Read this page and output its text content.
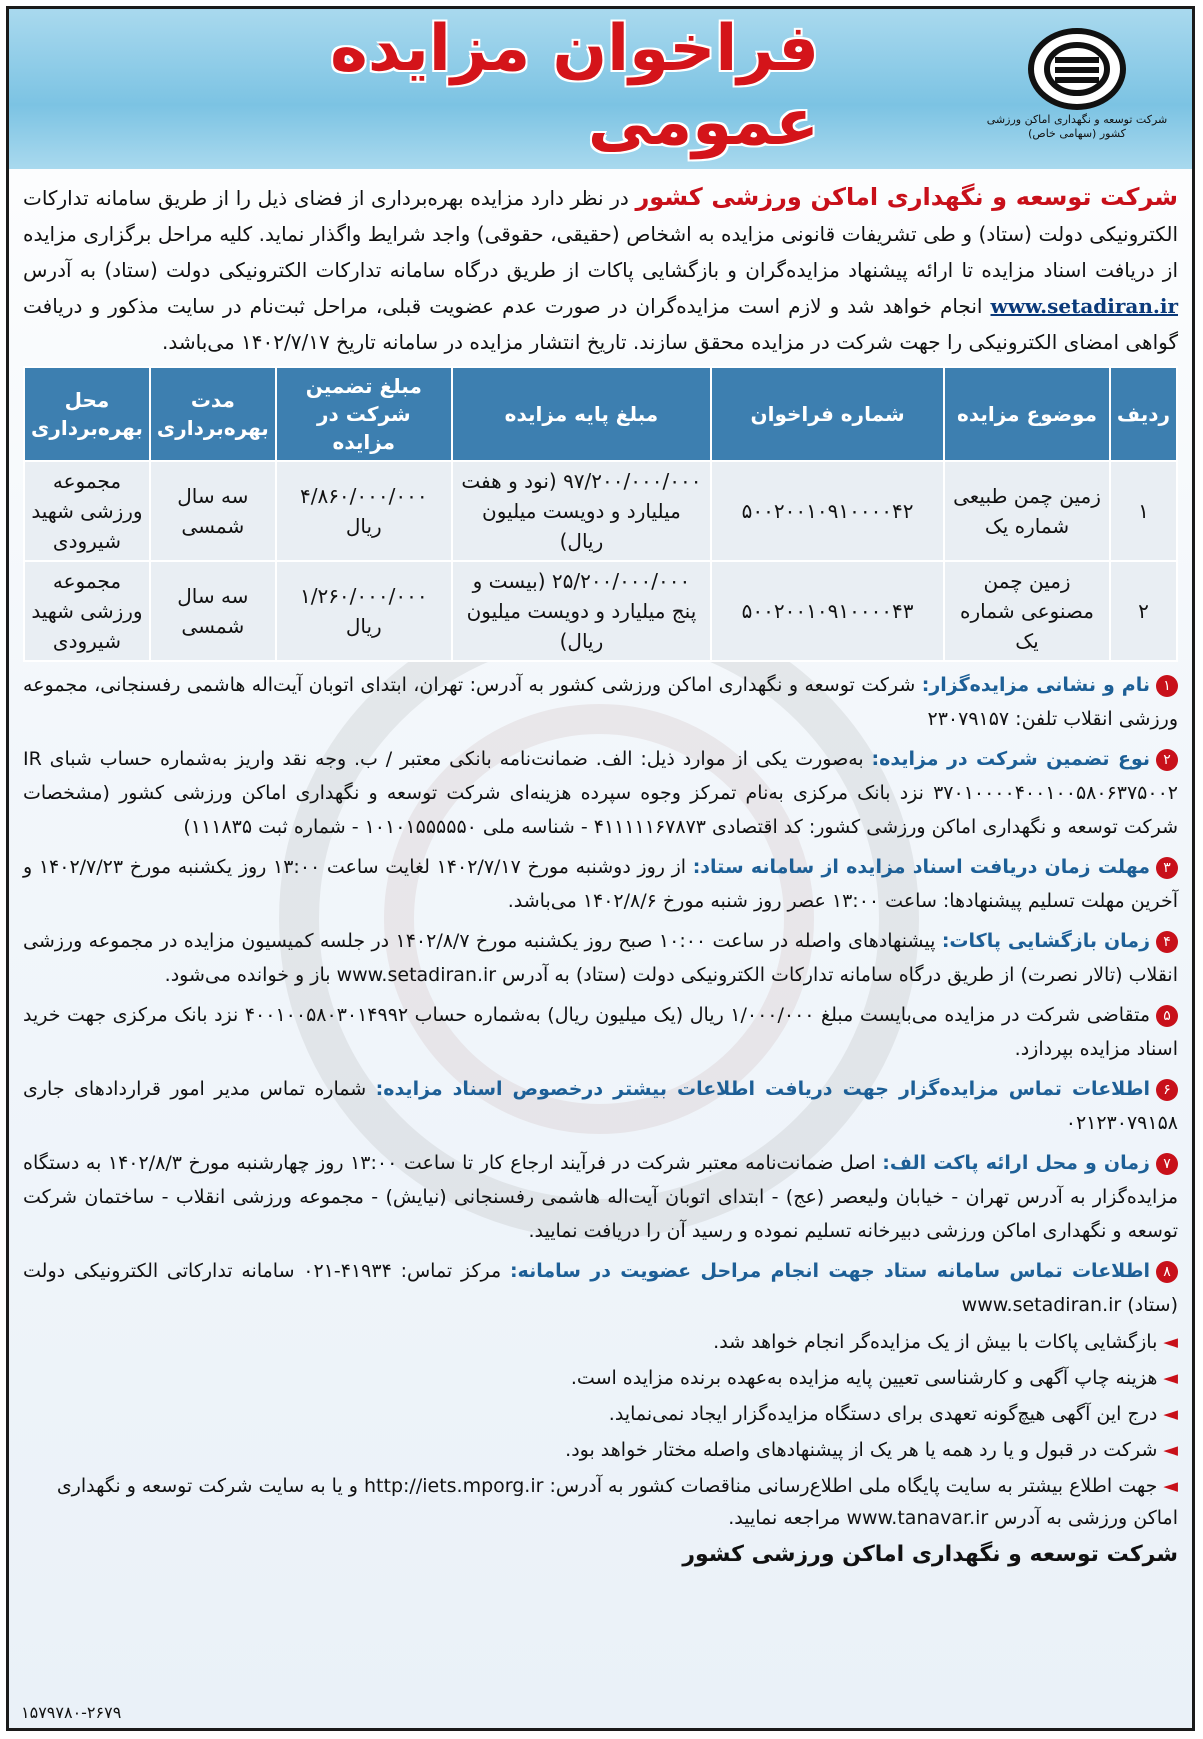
فراخوان مزایده عمومی	شرکت توسعه و نگهداری اماکن ورزشی کشور (سهامی خاص)

شرکت توسعه و نگهداری اماکن ورزشی کشور در نظر دارد مزایده بهره‌برداری از فضای ذیل را از طریق سامانه تدارکات الکترونیکی دولت (ستاد) و طی تشریفات قانونی مزایده به اشخاص (حقیقی، حقوقی) واجد شرایط واگذار نماید. کلیه مراحل برگزاری مزایده از دریافت اسناد مزایده تا ارائه پیشنهاد مزایده‌گران و بازگشایی پاکات از طریق درگاه سامانه تدارکات الکترونیکی دولت (ستاد) به آدرس www.setadiran.ir انجام خواهد شد و لازم است مزایده‌گران در صورت عدم عضویت قبلی، مراحل ثبت‌نام در سایت مذکور و دریافت گواهی امضای الکترونیکی را جهت شرکت در مزایده محقق سازند. تاریخ انتشار مزایده در سامانه تاریخ ۱۴۰۲/۷/۱۷ می‌باشد.

ردیف	موضوع مزایده	شماره فراخوان	مبلغ پایه مزایده	مبلغ تضمین شرکت در مزایده	مدت بهره‌برداری	محل بهره‌برداری
۱	زمین چمن طبیعی شماره یک	۵۰۰۲۰۰۱۰۹۱۰۰۰۰۴۲	۹۷/۲۰۰/۰۰۰/۰۰۰ (نود و هفت میلیارد و دویست میلیون ریال)	۴/۸۶۰/۰۰۰/۰۰۰ ریال	سه سال شمسی	مجموعه ورزشی شهید شیرودی
۲	زمین چمن مصنوعی شماره یک	۵۰۰۲۰۰۱۰۹۱۰۰۰۰۴۳	۲۵/۲۰۰/۰۰۰/۰۰۰ (بیست و پنج میلیارد و دویست میلیون ریال)	۱/۲۶۰/۰۰۰/۰۰۰ ریال	سه سال شمسی	مجموعه ورزشی شهید شیرودی

۱نام و نشانی مزایده‌گزار: شرکت توسعه و نگهداری اماکن ورزشی کشور به آدرس: تهران، ابتدای اتوبان آیت‌اله هاشمی رفسنجانی، مجموعه ورزشی انقلاب تلفن: ۲۳۰۷۹۱۵۷

۲نوع تضمین شرکت در مزایده: به‌صورت یکی از موارد ذیل: الف. ضمانت‌نامه بانکی معتبر / ب. وجه نقد واریز به‌شماره حساب شبای IR ۳۷۰۱۰۰۰۰۴۰۰۱۰۰۵۸۰۶۳۷۵۰۰۲ نزد بانک مرکزی به‌نام تمرکز وجوه سپرده هزینه‌ای شرکت توسعه و نگهداری اماکن ورزشی کشور (مشخصات شرکت توسعه و نگهداری اماکن ورزشی کشور: کد اقتصادی ۴۱۱۱۱۱۶۷۸۷۳ - شناسه ملی ۱۰۱۰۱۵۵۵۵۵۰ - شماره ثبت ۱۱۱۸۳۵)

۳مهلت زمان دریافت اسناد مزایده از سامانه ستاد: از روز دوشنبه مورخ ۱۴۰۲/۷/۱۷ لغایت ساعت ۱۳:۰۰ روز یکشنبه مورخ ۱۴۰۲/۷/۲۳ و آخرین مهلت تسلیم پیشنهادها: ساعت ۱۳:۰۰ عصر روز شنبه مورخ ۱۴۰۲/۸/۶ می‌باشد.

۴زمان بازگشایی پاکات: پیشنهادهای واصله در ساعت ۱۰:۰۰ صبح روز یکشنبه مورخ ۱۴۰۲/۸/۷ در جلسه کمیسیون مزایده در مجموعه ورزشی انقلاب (تالار نصرت) از طریق درگاه سامانه تدارکات الکترونیکی دولت (ستاد) به آدرس www.setadiran.ir باز و خوانده می‌شود.

۵متقاضی شرکت در مزایده می‌بایست مبلغ ۱/۰۰۰/۰۰۰ ریال (یک میلیون ریال) به‌شماره حساب ۴۰۰۱۰۰۵۸۰۳۰۱۴۹۹۲ نزد بانک مرکزی جهت خرید اسناد مزایده بپردازد.

۶اطلاعات تماس مزایده‌گزار جهت دریافت اطلاعات بیشتر درخصوص اسناد مزایده: شماره تماس مدیر امور قراردادهای جاری ۰۲۱۲۳۰۷۹۱۵۸

۷زمان و محل ارائه پاکت الف: اصل ضمانت‌نامه معتبر شرکت در فرآیند ارجاع کار تا ساعت ۱۳:۰۰ روز چهارشنبه مورخ ۱۴۰۲/۸/۳ به دستگاه مزایده‌گزار به آدرس تهران - خیابان ولیعصر (عج) - ابتدای اتوبان آیت‌اله هاشمی رفسنجانی (نیایش) - مجموعه ورزشی انقلاب - ساختمان شرکت توسعه و نگهداری اماکن ورزشی دبیرخانه تسلیم نموده و رسید آن را دریافت نمایید.

۸اطلاعات تماس سامانه ستاد جهت انجام مراحل عضویت در سامانه: مرکز تماس: ۴۱۹۳۴-۰۲۱ سامانه تدارکاتی الکترونیکی دولت (ستاد) www.setadiran.ir

◄بازگشایی پاکات با بیش از یک مزایده‌گر انجام خواهد شد.

◄هزینه چاپ آگهی و کارشناسی تعیین پایه مزایده به‌عهده برنده مزایده است.

◄درج این آگهی هیچ‌گونه تعهدی برای دستگاه مزایده‌گزار ایجاد نمی‌نماید.

◄شرکت در قبول و یا رد همه یا هر یک از پیشنهادهای واصله مختار خواهد بود.

◄جهت اطلاع بیشتر به سایت پایگاه ملی اطلاع‌رسانی مناقصات کشور به آدرس: http://iets.mporg.ir و یا به سایت شرکت توسعه و نگهداری اماکن ورزشی به آدرس www.tanavar.ir مراجعه نمایید.

شرکت توسعه و نگهداری اماکن ورزشی کشور
۱۵۷۹۷۸۰-۲۶۷۹
